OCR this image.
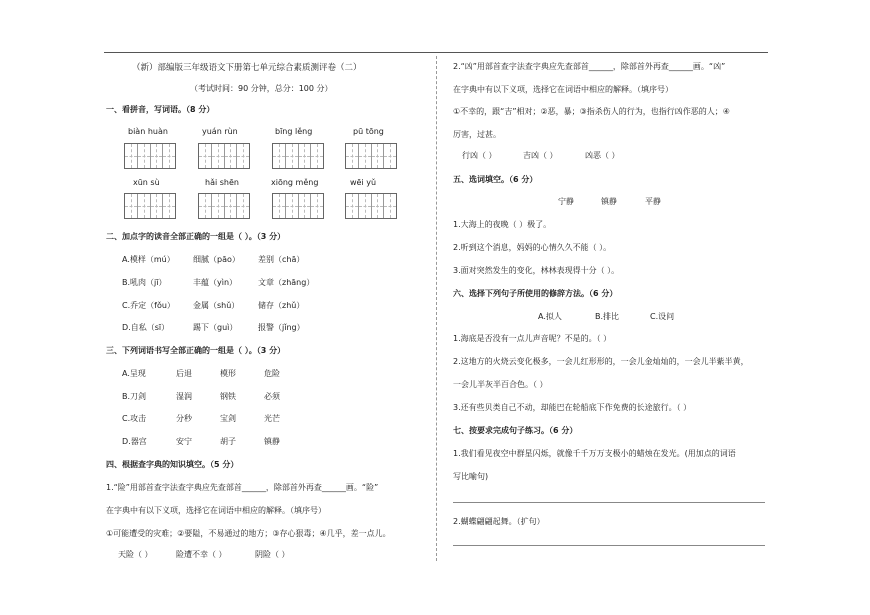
（新）部编版三年级语文下册第七单元综合素质测评卷（二）
（考试时间：90 分钟，总分：100 分）
一、看拼音，写词语。（8 分）
biàn huàn	yuán rùn	bīng lěng	pū tōng
xūn sù	hǎi shēn	xiōng měng	wēi yǔ
二、加点字的读音全部正确的一组是（ ）。（3 分）
A.模样（mú） 细腻（pāo） 差别（chā）
B.吼肉（jī）	丰蕴（yìn）	文章（zhāng）
C.乔定（fǒu） 金属（shǔ） 储存（zhǔ）
D.自私（sī）	踢下（guì）	报警（jǐng）
三、下列词语书写全部正确的一组是（ ）。（3 分）
A.呈现	后退	模形	危险
B.刀剑	湿润	钢铁	必须
C.攻击	分秒	宝剑	光芒
D.器宫	安宁	胡子	镇静
四、根据查字典的知识填空。（5 分）
1.“险”用部首查字法查字典应先查部首______，除部首外再查______画。“险”
在字典中有以下义项，选择它在词语中相应的解释。（填序号）
①可能遭受的灾难；②要隘，不易通过的地方；③存心狠毒；④几乎，差一点儿。
天险（ ）	险遭不幸（ ）	阴险（ ）
2.“凶”用部首查字法查字典应先查部首______，除部首外再查______画。“凶”
在字典中有以下义项，选择它在词语中相应的解释。（填序号）
①不幸的，跟“吉”相对；②恶，暴；③指杀伤人的行为，也指行凶作恶的人；④
厉害，过甚。
行凶（ ）	吉凶（ ）	凶恶（ ）
五、选词填空。（6 分）
宁静	镇静	平静
1.大海上的夜晚（ ）极了。
2.听到这个消息，妈妈的心情久久不能（ ）。
3.面对突然发生的变化，林林表现得十分（ ）。
六、选择下列句子所使用的修辞方法。（6 分）
A.拟人	B.排比	C.设问
1.海底是否没有一点儿声音呢？不是的。（ ）
2.这地方的火烧云变化极多，一会儿红形形的，一会儿金灿灿的，一会儿半紫半黄，
一会儿半灰半百合色。（ ）
3.还有些贝类自己不动，却能巴在轮船底下作免费的长途旅行。（ ）
七、按要求完成句子练习。（6 分）
1.我们看见夜空中群星闪烁，就像千千万万支极小的蜡烛在发光。(用加点的词语
写比喻句)
2.蝴蝶翩翩起舞。（扩句）
